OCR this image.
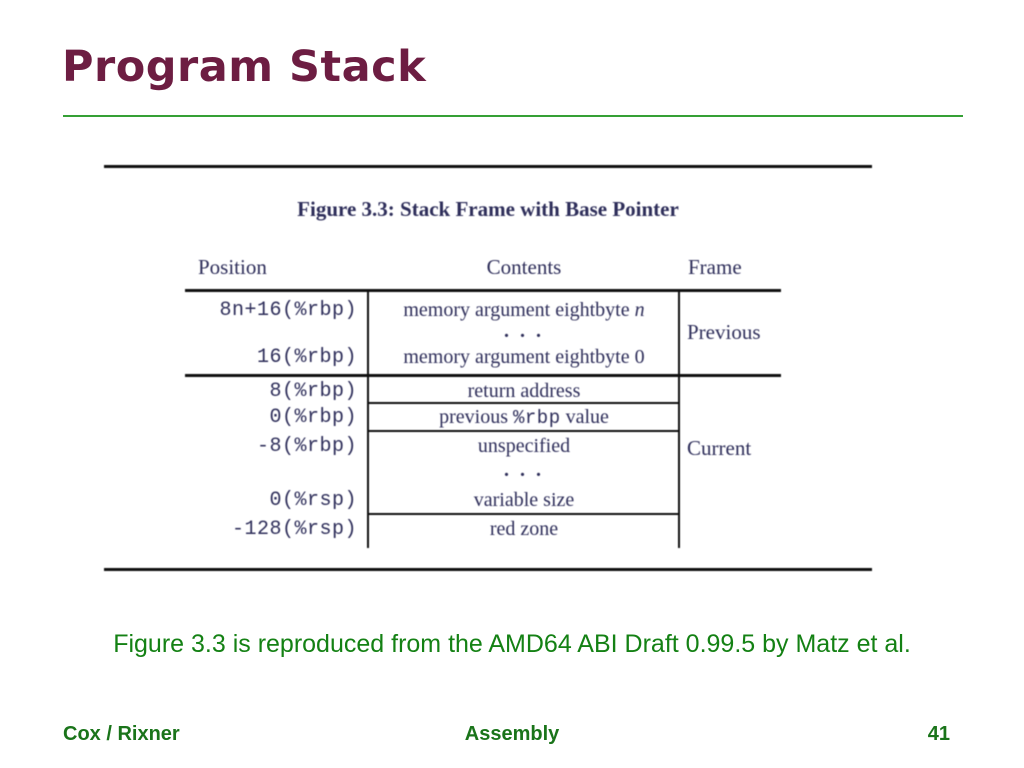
Program Stack
Figure 3.3: Stack Frame with Base Pointer
Position	Contents	Frame
8n+16(%rbp)	memory argument eightbyte n
. . .
16(%rbp)	memory argument eightbyte 0
Previous
8(%rbp)	return address
0(%rbp)	previous %rbp value
-8(%rbp)	unspecified
. . .
0(%rsp)	variable size
-128(%rsp)	red zone
Current
Figure 3.3 is reproduced from the AMD64 ABI Draft 0.99.5 by Matz et al.
Cox / Rixner	Assembly	41
